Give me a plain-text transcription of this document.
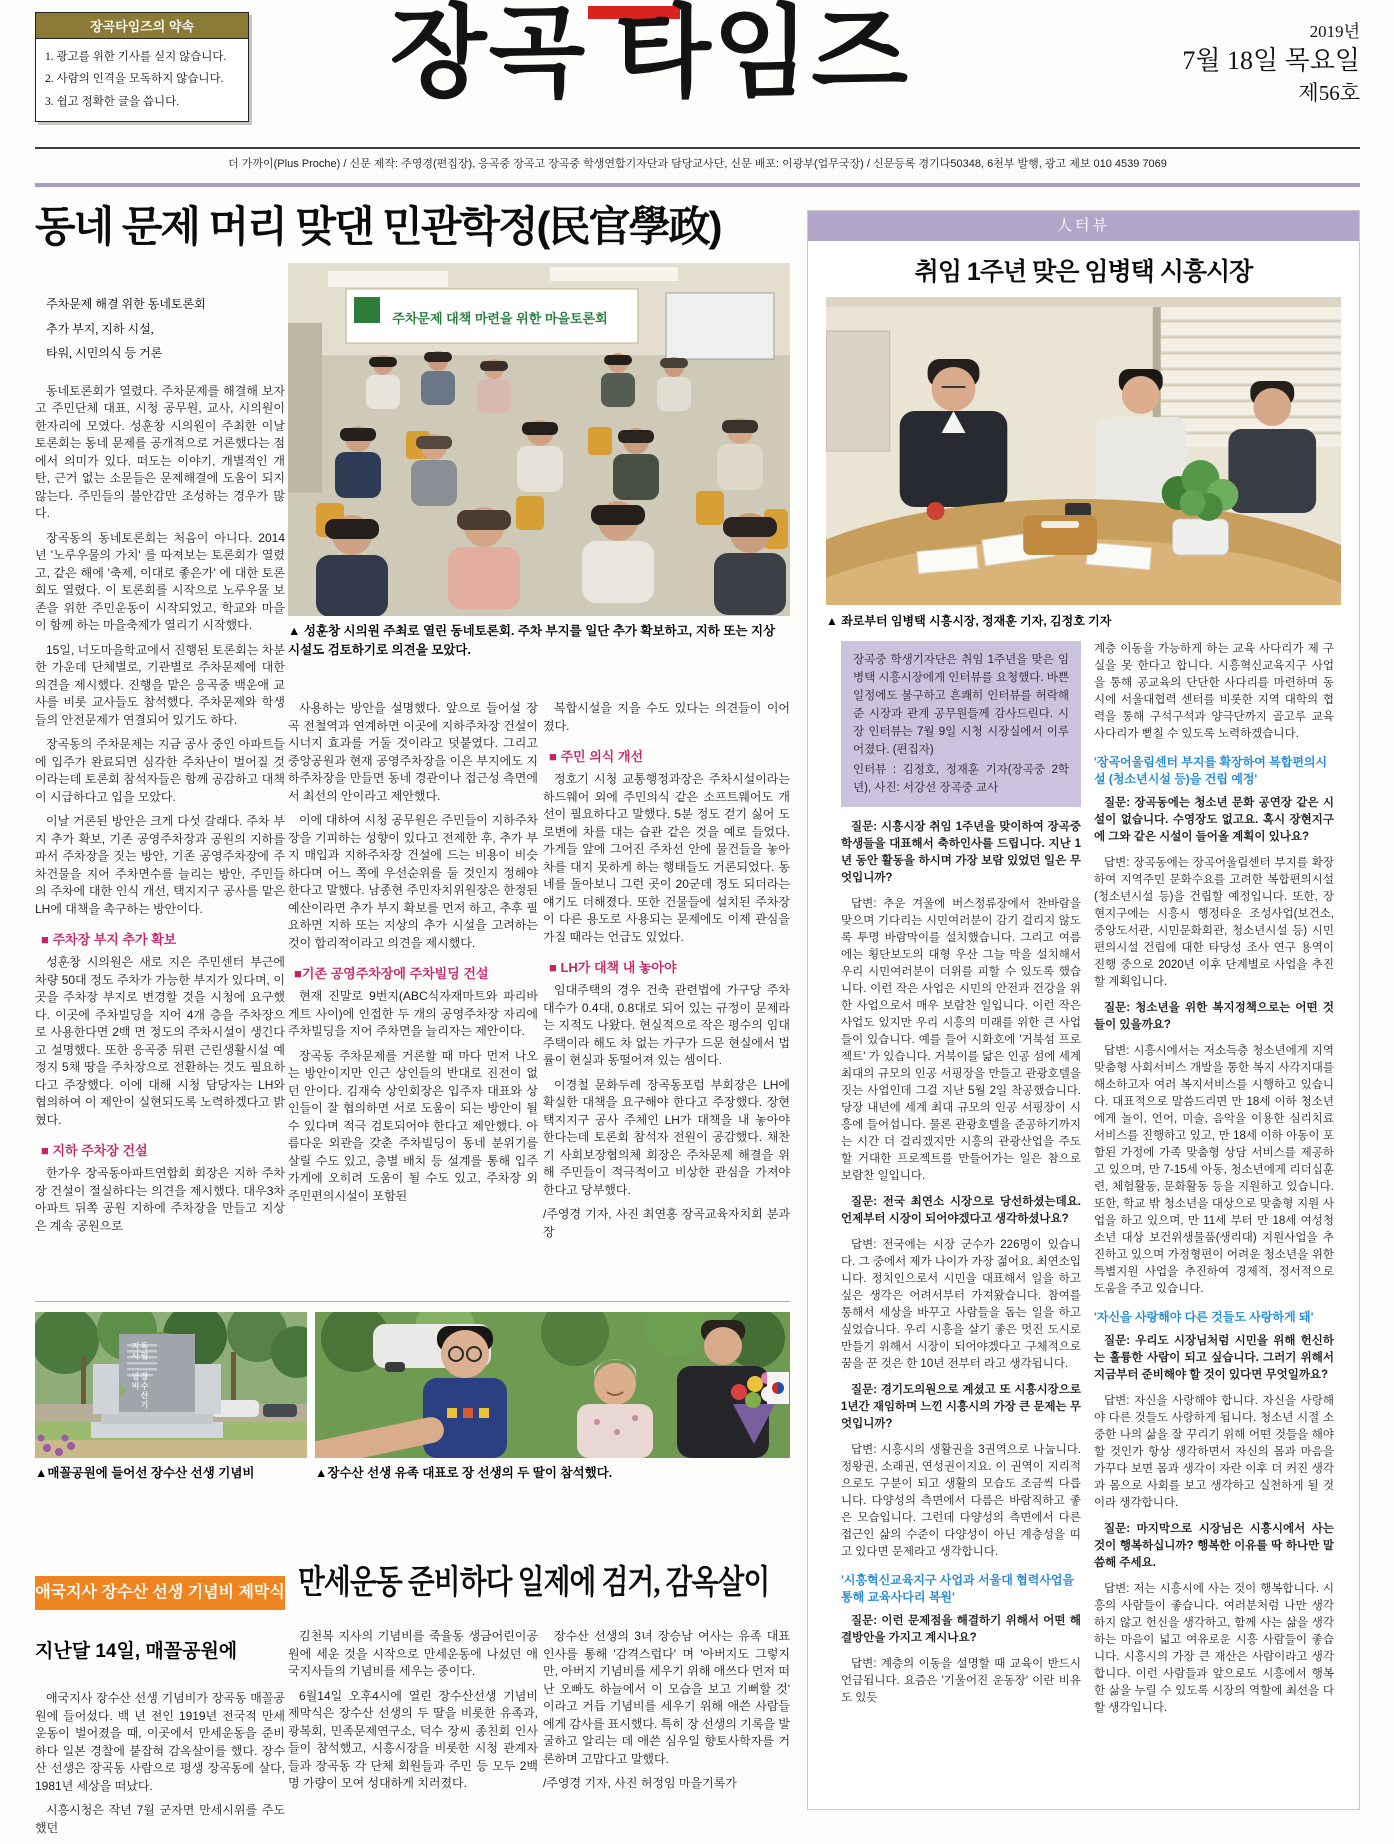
장곡타임즈의 약속
1. 광고를 위한 기사를 싣지 않습니다.
2. 사람의 인격을 모독하지 않습니다.
3. 쉽고 정확한 글을 씁니다.	장곡 타임즈	2019년
7월 18일 목요일
제56호
더 가까이(Plus Proche) / 신문 제작: 주영경(편집장), 응곡중 장곡고 장곡중 학생연합기자단과 담당교사단, 신문 배포: 이광부(업무국장) / 신문등록 경기다50348, 6천부 발행, 광고 제보 010 4539 7069
동네 문제 머리 맞댄 민관학정(民官學政)
주차문제 대책 마련을 위한 마을토론회
▲ 성훈창 시의원 주최로 열린 동네토론회. 주차 부지를 일단 추가 확보하고, 지하 또는 지상 시설도 검토하기로 의견을 모았다.

주차문제 해결 위한 동네토론회

추가 부지, 지하 시설,

타워, 시민의식 등 거론

동네토론회가 열렸다. 주차문제를 해결해 보자고 주민단체 대표, 시청 공무원, 교사, 시의원이 한자리에 모였다. 성훈창 시의원이 주최한 이날 토론회는 동네 문제를 공개적으로 거론했다는 점에서 의미가 있다. 떠도는 이야기, 개별적인 개탄, 근거 없는 소문들은 문제해결에 도움이 되지 않는다. 주민들의 불안감만 조성하는 경우가 많다.

장곡동의 동네토론회는 처음이 아니다. 2014년 '노루우물의 가치' 를 따져보는 토론회가 열렸고, 같은 해에 '축제, 이대로 좋은가' 에 대한 토론회도 열렸다. 이 토론회를 시작으로 노루우물 보존을 위한 주민운동이 시작되었고, 학교와 마을이 함께 하는 마을축제가 열리기 시작했다.

15일, 너도마을학교에서 진행된 토론회는 차분한 가운데 단체별로, 기관별로 주차문제에 대한 의견을 제시했다. 진행을 맡은 응곡중 백운애 교사를 비롯 교사들도 참석했다. 주차문제와 학생들의 안전문제가 연결되어 있기도 하다.

장곡동의 주차문제는 지금 공사 중인 아파트들에 입주가 완료되면 심각한 주차난이 벌어질 것이라는데 토론회 참석자들은 함께 공감하고 대책이 시급하다고 입을 모았다.

이날 거론된 방안은 크게 다섯 갈래다. 주차 부지 추가 확보, 기존 공영주차장과 공원의 지하를 파서 주차장을 짓는 방안, 기존 공영주차장에 주차건물을 지어 주차면수를 늘리는 방안, 주민들의 주차에 대한 인식 개선, 택지지구 공사를 맡은 LH에 대책을 촉구하는 방안이다.

■ 주차장 부지 추가 확보

성훈창 시의원은 새로 지은 주민센터 부근에 차량 50대 정도 주차가 가능한 부지가 있다며, 이곳을 주차장 부지로 변경할 것을 시청에 요구했다. 이곳에 주차빌딩을 지어 4개 층을 주차장으로 사용한다면 2백 면 정도의 주차시설이 생긴다고 설명했다. 또한 응곡중 뒤편 근린생활시설 예정지 5채 땅을 주차장으로 전환하는 것도 필요하다고 주장했다. 이에 대해 시청 담당자는 LH와 협의하여 이 제안이 실현되도록 노력하겠다고 밝혔다.

■ 지하 주차장 건설

한가우 장곡동아파트연합회 회장은 지하 주차장 건설이 절실하다는 의견을 제시했다. 대우3차 아파트 뒤쪽 공원 지하에 주차장을 만들고 지상은 계속 공원으로

사용하는 방안을 설명했다. 앞으로 들어설 장곡 전철역과 연계하면 이곳에 지하주차장 건설이 시너지 효과를 거둘 것이라고 덧붙였다. 그리고 중앙공원과 현재 공영주차장을 이은 부지에도 지하주차장을 만들면 동네 경관이나 접근성 측면에서 최선의 안이라고 제안했다.

이에 대하여 시청 공무원은 주민들이 지하주차장을 기피하는 성향이 있다고 전제한 후, 추가 부지 매입과 지하주차장 건설에 드는 비용이 비슷하다며 어느 쪽에 우선순위를 둘 것인지 정해야 한다고 말했다. 남종현 주민자치위원장은 한정된 예산이라면 추가 부지 확보를 먼저 하고, 추후 필요하면 지하 또는 지상의 추가 시설을 고려하는 것이 합리적이라고 의견을 제시했다.

■기존 공영주차장에 주차빌딩 건설

현재 진말로 9번지(ABC식자재마트와 파리바게트 사이)에 인접한 두 개의 공영주차장 자리에 주차빌딩을 지어 주차면을 늘리자는 제안이다.

장곡동 주차문제를 거론할 때 마다 먼저 나오는 방안이지만 인근 상인들의 반대로 진전이 없던 안이다. 김재숙 상인회장은 입주자 대표와 상인들이 잘 협의하면 서로 도움이 되는 방안이 될 수 있다며 적극 검토되어야 한다고 제안했다. 아름다운 외관을 갖춘 주차빌딩이 동네 분위기를 살릴 수도 있고, 층별 배치 등 설계를 통해 입주 가게에 오히려 도움이 될 수도 있고, 주차장 외 주민편의시설이 포함된

복합시설을 지을 수도 있다는 의견들이 이어졌다.

■ 주민 의식 개선

정호기 시청 교통행정과장은 주차시설이라는 하드웨어 외에 주민의식 같은 소프트웨어도 개선이 필요하다고 말했다. 5분 정도 걷기 싫어 도로변에 차를 대는 습관 같은 것을 예로 들었다. 가게들 앞에 그어진 주차선 안에 물건들을 놓아 차를 대지 못하게 하는 행태들도 거론되었다. 동네를 돌아보니 그런 곳이 20군데 정도 되더라는 얘기도 더해졌다. 또한 건물들에 설치된 주차장이 다른 용도로 사용되는 문제에도 이제 관심을 가질 때라는 언급도 있었다.

■ LH가 대책 내 놓아야

임대주택의 경우 건축 관련법에 가구당 주차 대수가 0.4대, 0.8대로 되어 있는 규정이 문제라는 지적도 나왔다. 현실적으로 작은 평수의 임대주택이라 해도 차 없는 가구가 드문 현실에서 법률이 현실과 동떨어져 있는 셈이다.

이경철 문화두레 장곡동포럼 부회장은 LH에 확실한 대책을 요구해야 한다고 주장했다. 장현택지지구 공사 주체인 LH가 대책을 내 놓아야 한다는데 토론회 참석자 전원이 공감했다. 채찬기 사회보장협의체 회장은 주차문제 해결을 위해 주민들이 적극적이고 비상한 관심을 가져야 한다고 당부했다.

/주영경 기자, 사진 최연홍 장곡교육자치회 분과장

人터뷰
취임 1주년 맞은 임병택 시흥시장
▲ 좌로부터 임병택 시흥시장, 정재훈 기자, 김정호 기자
장곡중 학생기자단은 취임 1주년을 맞은 임병택 시흥시장에게 인터뷰를 요청했다. 바쁜 일정에도 불구하고 흔쾌히 인터뷰를 허락해 준 시장과 관계 공무원들께 감사드린다. 시장 인터뷰는 7월 9일 시청 시장실에서 이루어졌다. (편집자)
인터뷰 : 김정호, 정재훈 기자(장곡중 2학년), 사진: 서강선 장곡중 교사

질문: 시흥시장 취임 1주년을 맞이하여 장곡중 학생들을 대표해서 축하인사를 드립니다. 지난 1년 동안 활동을 하시며 가장 보람 있었던 일은 무엇입니까?

답변: 추운 겨울에 버스정류장에서 찬바람을 맞으며 기다리는 시민여러분이 감기 걸리지 않도록 투명 바람막이를 설치했습니다. 그리고 여름에는 횡단보도의 대형 우산 그늘 막을 설치해서 우리 시민여러분이 더위를 피할 수 있도록 했습니다. 이런 작은 사업은 시민의 안전과 건강을 위한 사업으로서 매우 보람찬 일입니다. 이런 작은 사업도 있지만 우리 시흥의 미래를 위한 큰 사업들이 있습니다. 예를 들어 시화호에 '거북섬 프로젝트' 가 있습니다. 거북이를 닮은 인공 섬에 세계 최대의 규모의 인공 서핑장을 만들고 관광호텔을 짓는 사업인데 그걸 지난 5월 2일 착공했습니다. 당장 내년에 세계 최대 규모의 인공 서핑장이 시흥에 들어섭니다. 물론 관광호텔을 준공하기까지는 시간 더 걸리겠지만 시흥의 관광산업을 주도할 거대한 프로젝트를 만들어가는 일은 참으로 보람찬 일입니다.

질문: 전국 최연소 시장으로 당선하셨는데요. 언제부터 시장이 되어야겠다고 생각하셨나요?

답변: 전국에는 시장 군수가 226명이 있습니다. 그 중에서 제가 나이가 가장 젊어요. 최연소입니다. 정치인으로서 시민을 대표해서 일을 하고 싶은 생각은 어려서부터 가져왔습니다. 참여를 통해서 세상을 바꾸고 사람들을 돕는 일을 하고 싶었습니다. 우리 시흥을 살기 좋은 멋진 도시로 만들기 위해서 시장이 되어야겠다고 구체적으로 꿈을 꾼 것은 한 10년 전부터 라고 생각됩니다.

질문: 경기도의원으로 계셨고 또 시흥시장으로 1년간 재임하며 느낀 시흥시의 가장 큰 문제는 무엇입니까?

답변: 시흥시의 생활권을 3권역으로 나눕니다. 정왕권, 소래권, 연성권이지요. 이 권역이 지리적으로도 구분이 되고 생활의 모습도 조금씩 다릅니다. 다양성의 측면에서 다름은 바람직하고 좋은 모습입니다. 그런데 다양성의 측면에서 다른 접근인 삶의 수준이 다양성이 아닌 계층성을 띠고 있다면 문제라고 생각합니다.

'시흥혁신교육지구 사업과 서울대 협력사업을 통해 교육사다리 복원'

질문: 이런 문제점을 해결하기 위해서 어떤 해결방안을 가지고 계시나요?

답변: 계층의 이동을 설명할 때 교육이 반드시 언급됩니다. 요즘은 '기울어진 운동장' 이란 비유도 있듯

계층 이동을 가능하게 하는 교육 사다리가 제 구실을 못 한다고 합니다. 시흥혁신교육지구 사업을 통해 공교육의 단단한 사다리를 마련하며 동시에 서울대협력 센터를 비롯한 지역 대학의 협력을 통해 구석구석과 양극단까지 골고루 교육 사다리가 뻗칠 수 있도록 노력하겠습니다.

'장곡어울림센터 부지를 확장하여 복합편의시설 (청소년시설 등)을 건립 예정'

질문: 장곡동에는 청소년 문화 공연장 같은 시설이 없습니다. 수영장도 없고요. 혹시 장현지구에 그와 같은 시설이 들어올 계획이 있나요?

답변: 장곡동에는 장곡어울림센터 부지를 확장하여 지역주민 문화수요를 고려한 복합편의시설(청소년시설 등)을 건립할 예정입니다. 또한, 장현지구에는 시흥시 행정타운 조성사업(보건소, 중앙도서관, 시민문화회관, 청소년시설 등) 시민 편의시설 건립에 대한 타당성 조사 연구 용역이 진행 중으로 2020년 이후 단계별로 사업을 추진할 계획입니다.

질문: 청소년을 위한 복지정책으로는 어떤 것들이 있을까요?

답변: 시흥시에서는 저소득층 청소년에게 지역 맞춤형 사회서비스 개발을 통한 복지 사각지대를 해소하고자 여러 복지서비스를 시행하고 있습니다. 대표적으로 말씀드리면 만 18세 이하 청소년에게 놀이, 언어, 미술, 음악을 이용한 심리치료 서비스를 진행하고 있고, 만 18세 이하 아동이 포함된 가정에 가족 맞춤형 상담 서비스를 제공하고 있으며, 만 7-15세 아동, 청소년에게 리더십훈련, 체험활동, 문화활동 등을 지원하고 있습니다. 또한, 학교 밖 청소년을 대상으로 맞춤형 지원 사업을 하고 있으며, 만 11세 부터 만 18세 여성청소년 대상 보건위생물품(생리대) 지원사업을 추진하고 있으며 가정형편이 어려운 청소년을 위한 특별지원 사업을 추진하여 경제적, 정서적으로 도움을 주고 있습니다.

'자신을 사랑해야 다른 것들도 사랑하게 돼'

질문: 우리도 시장님처럼 시민을 위해 헌신하는 훌륭한 사람이 되고 싶습니다. 그러기 위해서 지금부터 준비해야 할 것이 있다면 무엇일까요?

답변: 자신을 사랑해야 합니다. 자신을 사랑해야 다른 것들도 사랑하게 됩니다. 청소년 시절 소중한 나의 삶을 잘 꾸리기 위해 어떤 것들을 해야 할 것인가 항상 생각하면서 자신의 몸과 마음을 가꾸다 보면 몸과 생각이 자란 이후 더 커진 생각과 몸으로 사회를 보고 생각하고 실천하게 될 것이라 생각합니다.

질문: 마지막으로 시장님은 시흥시에서 사는 것이 행복하십니까? 행복한 이유를 딱 하나만 말씀해 주세요.

답변: 저는 시흥시에 사는 것이 행복합니다. 시흥의 사람들이 좋습니다. 여러분처럼 나만 생각하지 않고 헌신을 생각하고, 함께 사는 삶을 생각하는 마음이 넓고 여유로운 시흥 사람들이 좋습니다. 시흥시의 가장 큰 재산은 사람이라고 생각합니다. 이런 사람들과 앞으로도 시흥에서 행복한 삶을 누릴 수 있도록 시장의 역할에 최선을 다할 생각입니다.

독립지사
장수산기념비
▲매꼴공원에 들어선 장수산 선생 기념비	▲장수산 선생 유족 대표로 장 선생의 두 딸이 참석했다.
애국지사 장수산 선생 기념비 제막식 만세운동 준비하다 일제에 검거, 감옥살이
지난달 14일, 매꼴공원에

애국지사 장수산 선생 기념비가 장곡동 매꼴공원에 들어섰다. 백 년 전인 1919년 전국적 만세운동이 벌어졌을 때, 이곳에서 만세운동을 준비하다 일본 경찰에 붙잡혀 감옥살이를 했다. 장수산 선생은 장곡동 사람으로 평생 장곡동에 살다, 1981년 세상을 떠났다.

시흥시청은 작년 7월 군자면 만세시위를 주도했던

김천복 지사의 기념비를 죽율동 생금어린이공원에 세운 것을 시작으로 만세운동에 나섰던 애국지사들의 기념비를 세우는 중이다.

6월14일 오후4시에 열린 장수산선생 기념비 제막식은 장수산 선생의 두 딸을 비롯한 유족과, 광복회, 민족문제연구소, 덕수 장씨 종친회 인사들이 참석했고, 시흥시장을 비롯한 시청 관계자들과 장곡동 각 단체 회원들과 주민 등 모두 2백 명 가량이 모여 성대하게 치러졌다.

장수산 선생의 3녀 장승남 여사는 유족 대표 인사를 통해 '감격스럽다' 며 '아버지도 그렇지만, 아버지 기념비를 세우기 위해 애쓰다 먼저 떠난 오빠도 하늘에서 이 모습을 보고 기뻐할 것' 이라고 거듭 기념비를 세우기 위해 애쓴 사람들에게 감사를 표시했다. 특히 장 선생의 기록을 발굴하고 알리는 데 애쓴 심우일 향토사학자를 거론하며 고맙다고 말했다.

/주영경 기자, 사진 허정임 마을기록가
